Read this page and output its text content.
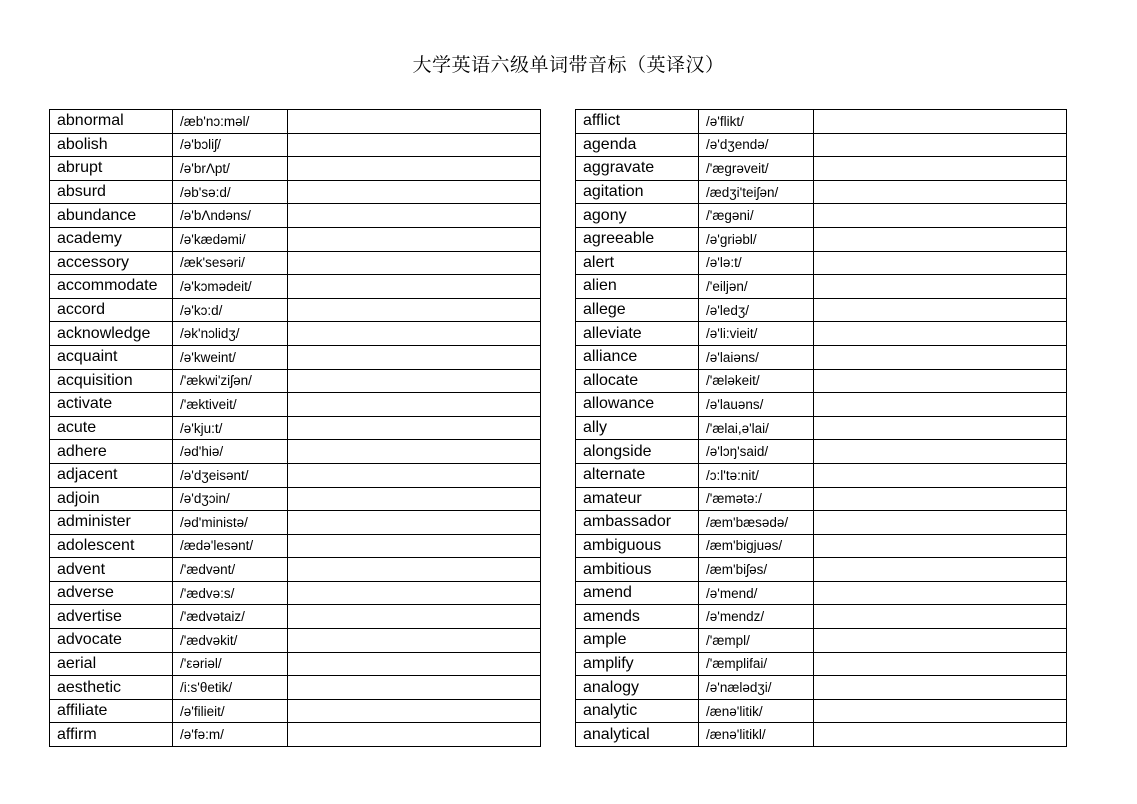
大学英语六级单词带音标（英译汉）
abnormal	/æb'nɔ:məl/	
abolish	/ə'bɔliʃ/	
abrupt	/ə'brΛpt/	
absurd	/əb'sə:d/	
abundance	/ə'bΛndəns/	
academy	/ə'kædəmi/	
accessory	/æk'sesəri/	
accommodate	/ə'kɔmədeit/	
accord	/ə'kɔ:d/	
acknowledge	/ək'nɔlidʒ/	
acquaint	/ə'kweint/	
acquisition	/'ækwi'ziʃən/	
activate	/'æktiveit/	
acute	/ə'kju:t/	
adhere	/əd'hiə/	
adjacent	/ə'dʒeisənt/	
adjoin	/ə'dʒɔin/	
administer	/əd'ministə/	
adolescent	/ædə'lesənt/	
advent	/'ædvənt/	
adverse	/'ædvə:s/	
advertise	/'ædvətaiz/	
advocate	/'ædvəkit/	
aerial	/'εəriəl/	
aesthetic	/i:s'θetik/	
affiliate	/ə'filieit/	
affirm	/ə'fə:m/	
afflict	/ə'flikt/	
agenda	/ə'dʒendə/	
aggravate	/'ægrəveit/	
agitation	/ædʒi'teiʃən/	
agony	/'ægəni/	
agreeable	/ə'griəbl/	
alert	/ə'lə:t/	
alien	/'eiljən/	
allege	/ə'ledʒ/	
alleviate	/ə'li:vieit/	
alliance	/ə'laiəns/	
allocate	/'æləkeit/	
allowance	/ə'lauəns/	
ally	/'ælai,ə'lai/	
alongside	/ə'lɔŋ'said/	
alternate	/ɔ:l'tə:nit/	
amateur	/'æmətə:/	
ambassador	/æm'bæsədə/	
ambiguous	/æm'bigjuəs/	
ambitious	/æm'biʃəs/	
amend	/ə'mend/	
amends	/ə'mendz/	
ample	/'æmpl/	
amplify	/'æmplifai/	
analogy	/ə'nælədʒi/	
analytic	/ænə'litik/	
analytical	/ænə'litikl/	
